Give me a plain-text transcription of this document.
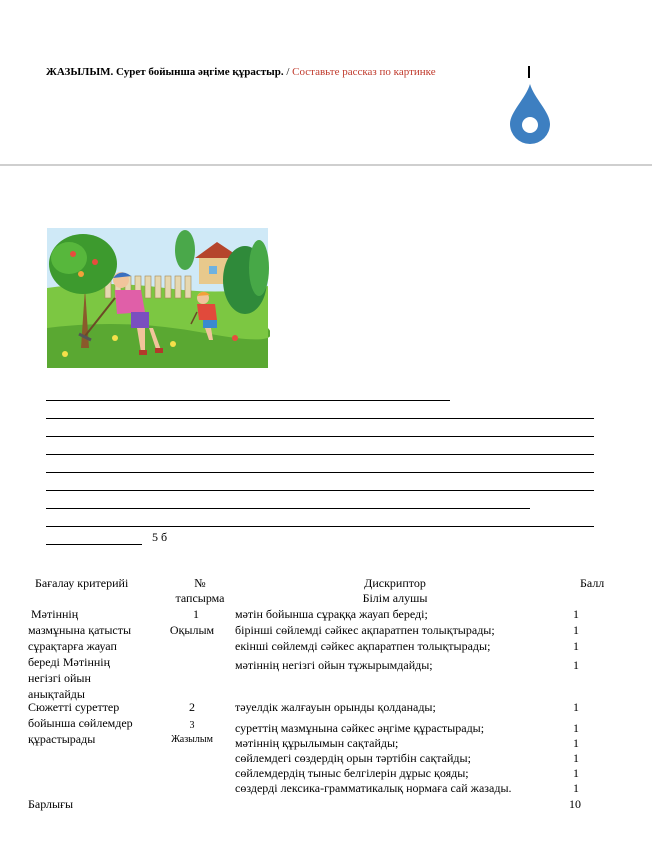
ЖАЗЫЛЫМ. Сурет бойынша әңгіме құрастыр. / Составьте рассказ по картинке
5 б
Бағалау критерийі	№
тапсырма
Дискриптор
Білім алушы
Балл
Мәтіннің
мазмұнына қатысты
сұрақтарға жауап
береді Мәтіннің
негізгі ойын
анықтайды
Сюжетті суреттер
бойынша сөйлемдер
құрастырады
1
Оқылым
2
3
Жазылым
мәтін бойынша сұраққа жауап береді;
бірінші сөйлемді сәйкес ақпаратпен толықтырады;
екінші сөйлемді сәйкес ақпаратпен толықтырады;
мәтіннің негізгі ойын тұжырымдайды;
тәуелдік жалғауын орынды қолданады;
суреттің мазмұнына сәйкес әңгіме құрастырады;
мәтіннің құрылымын сақтайды;
сөйлемдегі сөздердің орын тәртібін сақтайды;
сөйлемдердің тыныс белгілерін дұрыс қояды;
сөздерді лексика-грамматикалық нормаға сай жазады.
1
1
1
1
1
1
1
1
1
1
Барлығы	10
